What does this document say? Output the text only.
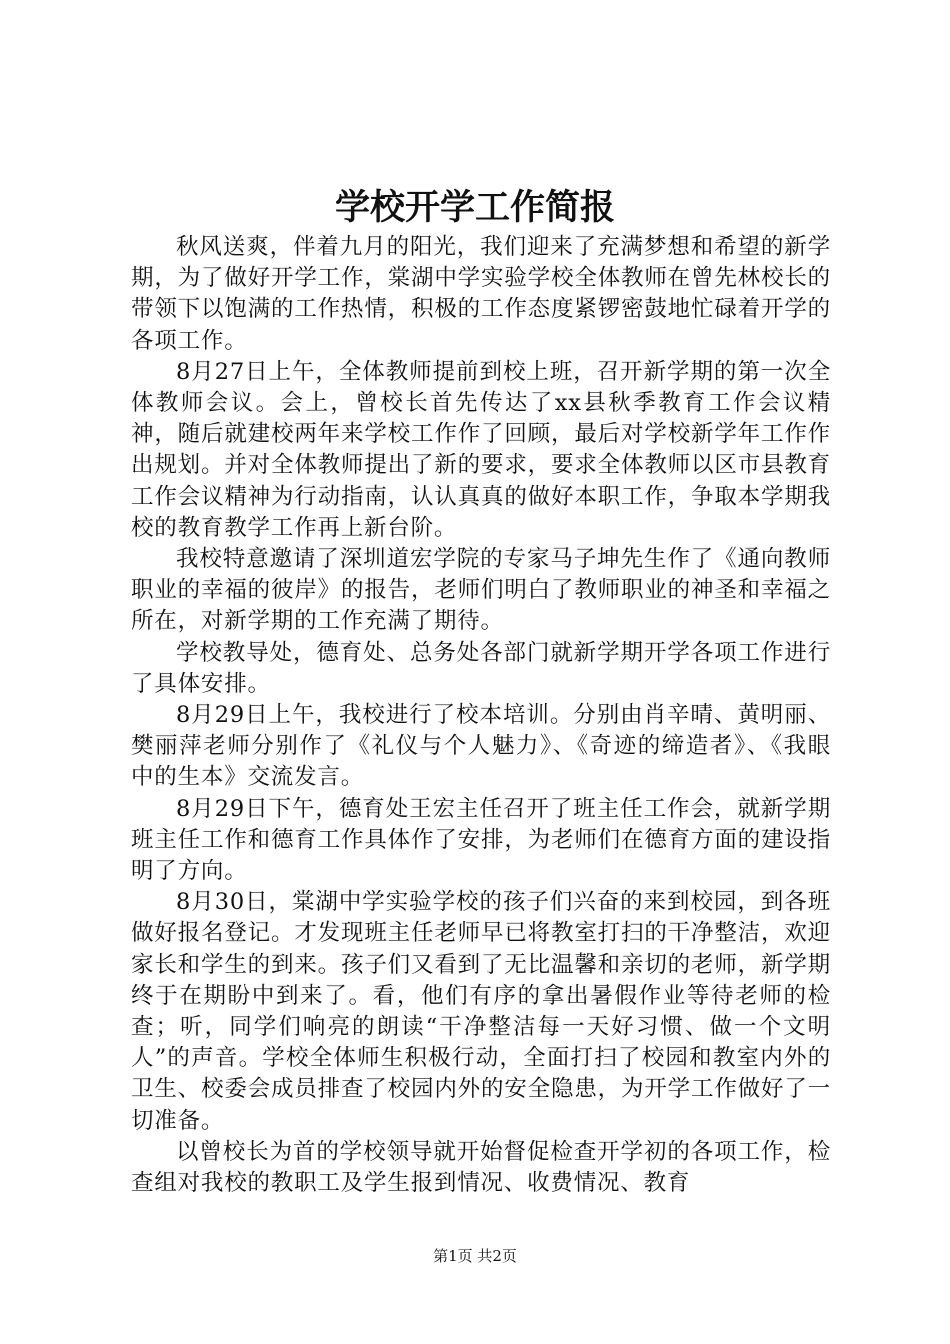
学校开学工作简报

秋风送爽，伴着九月的阳光，我们迎来了充满梦想和希望的新学期，为了做好开学工作，棠湖中学实验学校全体教师在曾先林校长的带领下以饱满的工作热情，积极的工作态度紧锣密鼓地忙碌着开学的各项工作。

8月27日上午，全体教师提前到校上班，召开新学期的第一次全体教师会议。会上，曾校长首先传达了xx县秋季教育工作会议精神，随后就建校两年来学校工作作了回顾，最后对学校新学年工作作出规划。并对全体教师提出了新的要求，要求全体教师以区市县教育工作会议精神为行动指南，认认真真的做好本职工作，争取本学期我校的教育教学工作再上新台阶。

我校特意邀请了深圳道宏学院的专家马子坤先生作了《通向教师职业的幸福的彼岸》的报告，老师们明白了教师职业的神圣和幸福之所在，对新学期的工作充满了期待。

学校教导处，德育处、总务处各部门就新学期开学各项工作进行了具体安排。

8月29日上午，我校进行了校本培训。分别由肖辛晴、黄明丽、樊丽萍老师分别作了《礼仪与个人魅力》、《奇迹的缔造者》、《我眼中的生本》交流发言。

8月29日下午，德育处王宏主任召开了班主任工作会，就新学期班主任工作和德育工作具体作了安排，为老师们在德育方面的建设指明了方向。

8月30日，棠湖中学实验学校的孩子们兴奋的来到校园，到各班做好报名登记。才发现班主任老师早已将教室打扫的干净整洁，欢迎家长和学生的到来。孩子们又看到了无比温馨和亲切的老师，新学期终于在期盼中到来了。看，他们有序的拿出暑假作业等待老师的检查；听，同学们响亮的朗读“干净整洁每一天好习惯、做一个文明人”的声音。学校全体师生积极行动，全面打扫了校园和教室内外的卫生、校委会成员排查了校园内外的安全隐患，为开学工作做好了一切准备。

以曾校长为首的学校领导就开始督促检查开学初的各项工作，检查组对我校的教职工及学生报到情况、收费情况、教育

第1页 共2页
